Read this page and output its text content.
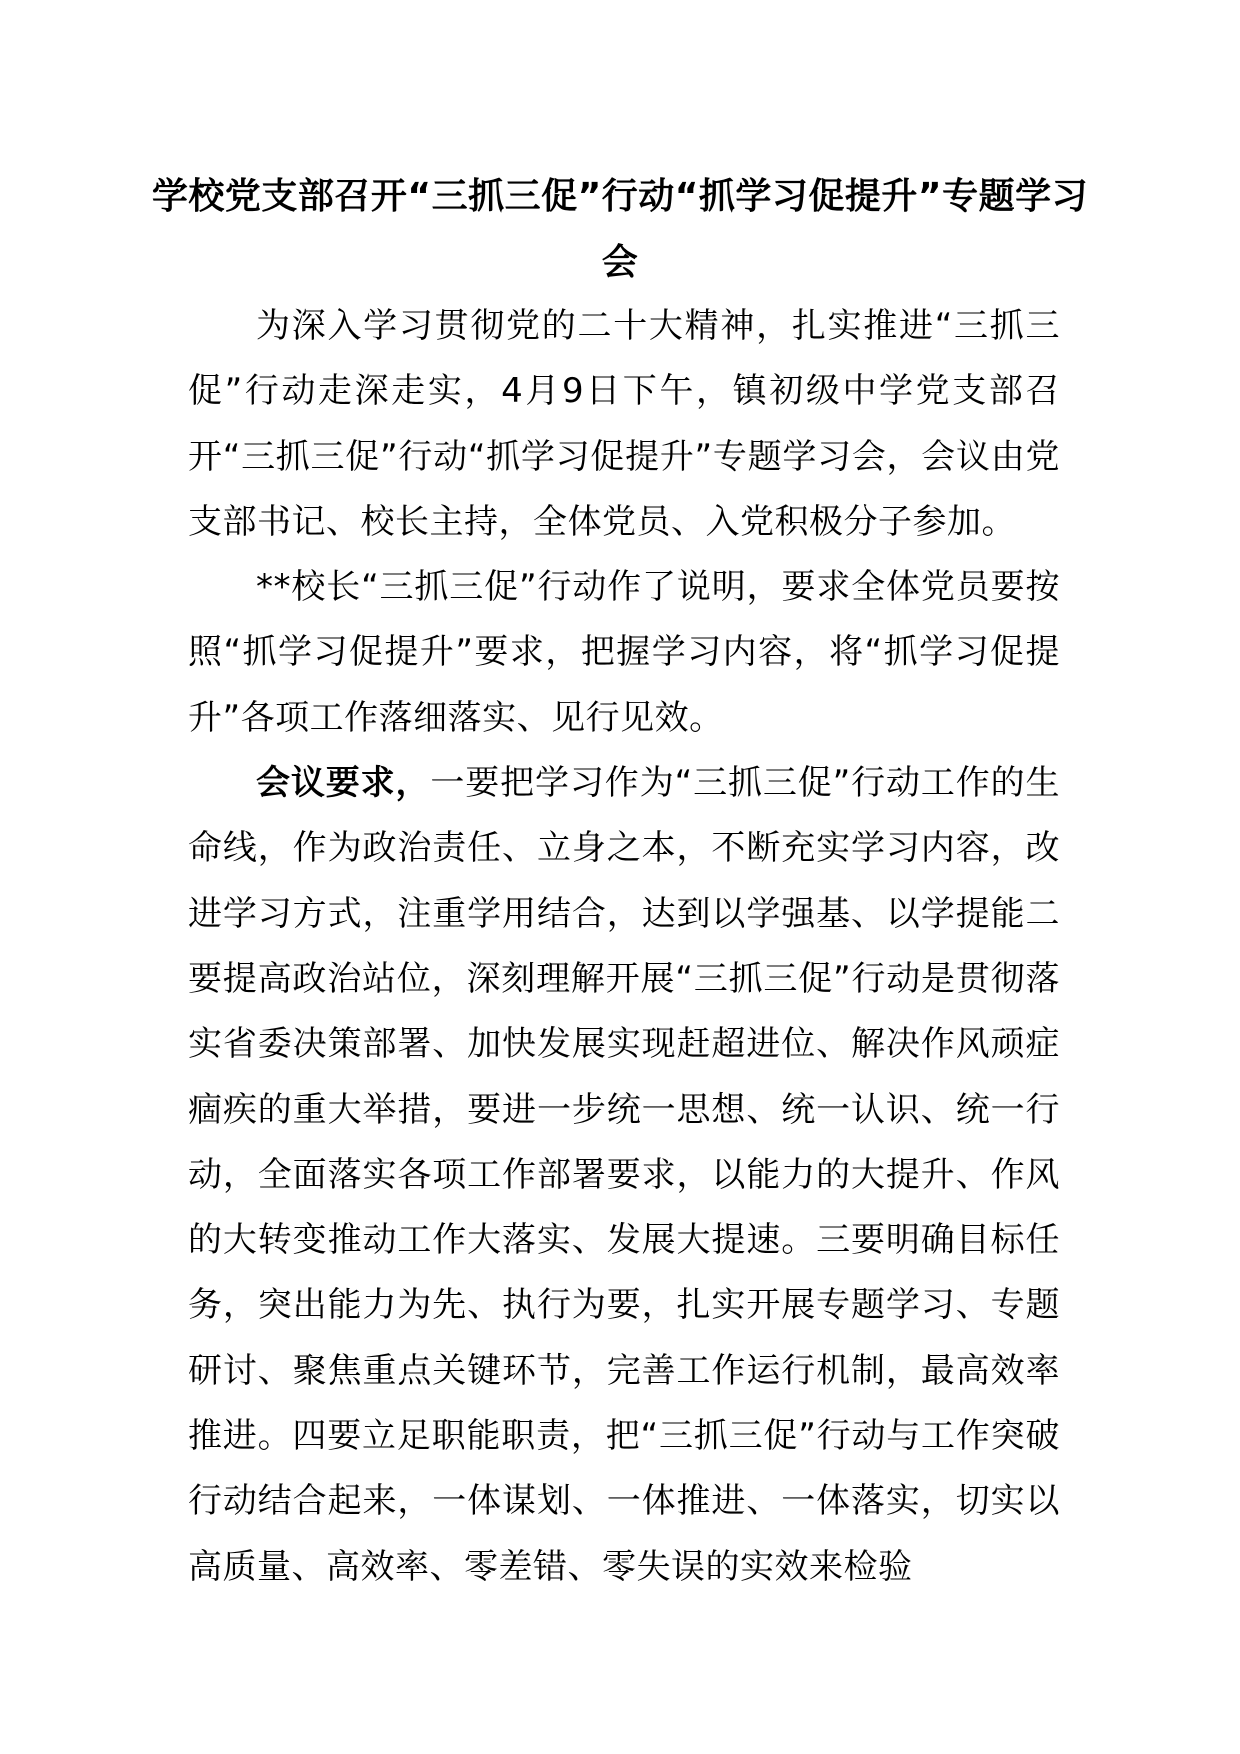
学校党支部召开“三抓三促”行动“抓学习促提升”专题学习会

为深入学习贯彻党的二十大精神，扎实推进“三抓三促”行动走深走实，4月9日下午，镇初级中学党支部召开“三抓三促”行动“抓学习促提升”专题学习会，会议由党支部书记、校长主持，全体党员、入党积极分子参加。

**校长“三抓三促”行动作了说明，要求全体党员要按照“抓学习促提升”要求，把握学习内容，将“抓学习促提升”各项工作落细落实、见行见效。

会议要求，一要把学习作为“三抓三促”行动工作的生命线，作为政治责任、立身之本，不断充实学习内容，改进学习方式，注重学用结合，达到以学强基、以学提能二要提高政治站位，深刻理解开展“三抓三促”行动是贯彻落实省委决策部署、加快发展实现赶超进位、解决作风顽症痼疾的重大举措，要进一步统一思想、统一认识、统一行动，全面落实各项工作部署要求，以能力的大提升、作风的大转变推动工作大落实、发展大提速。三要明确目标任务，突出能力为先、执行为要，扎实开展专题学习、专题研讨、聚焦重点关键环节，完善工作运行机制，最高效率推进。四要立足职能职责，把“三抓三促”行动与工作突破行动结合起来，一体谋划、一体推进、一体落实，切实以高质量、高效率、零差错、零失误的实效来检验
